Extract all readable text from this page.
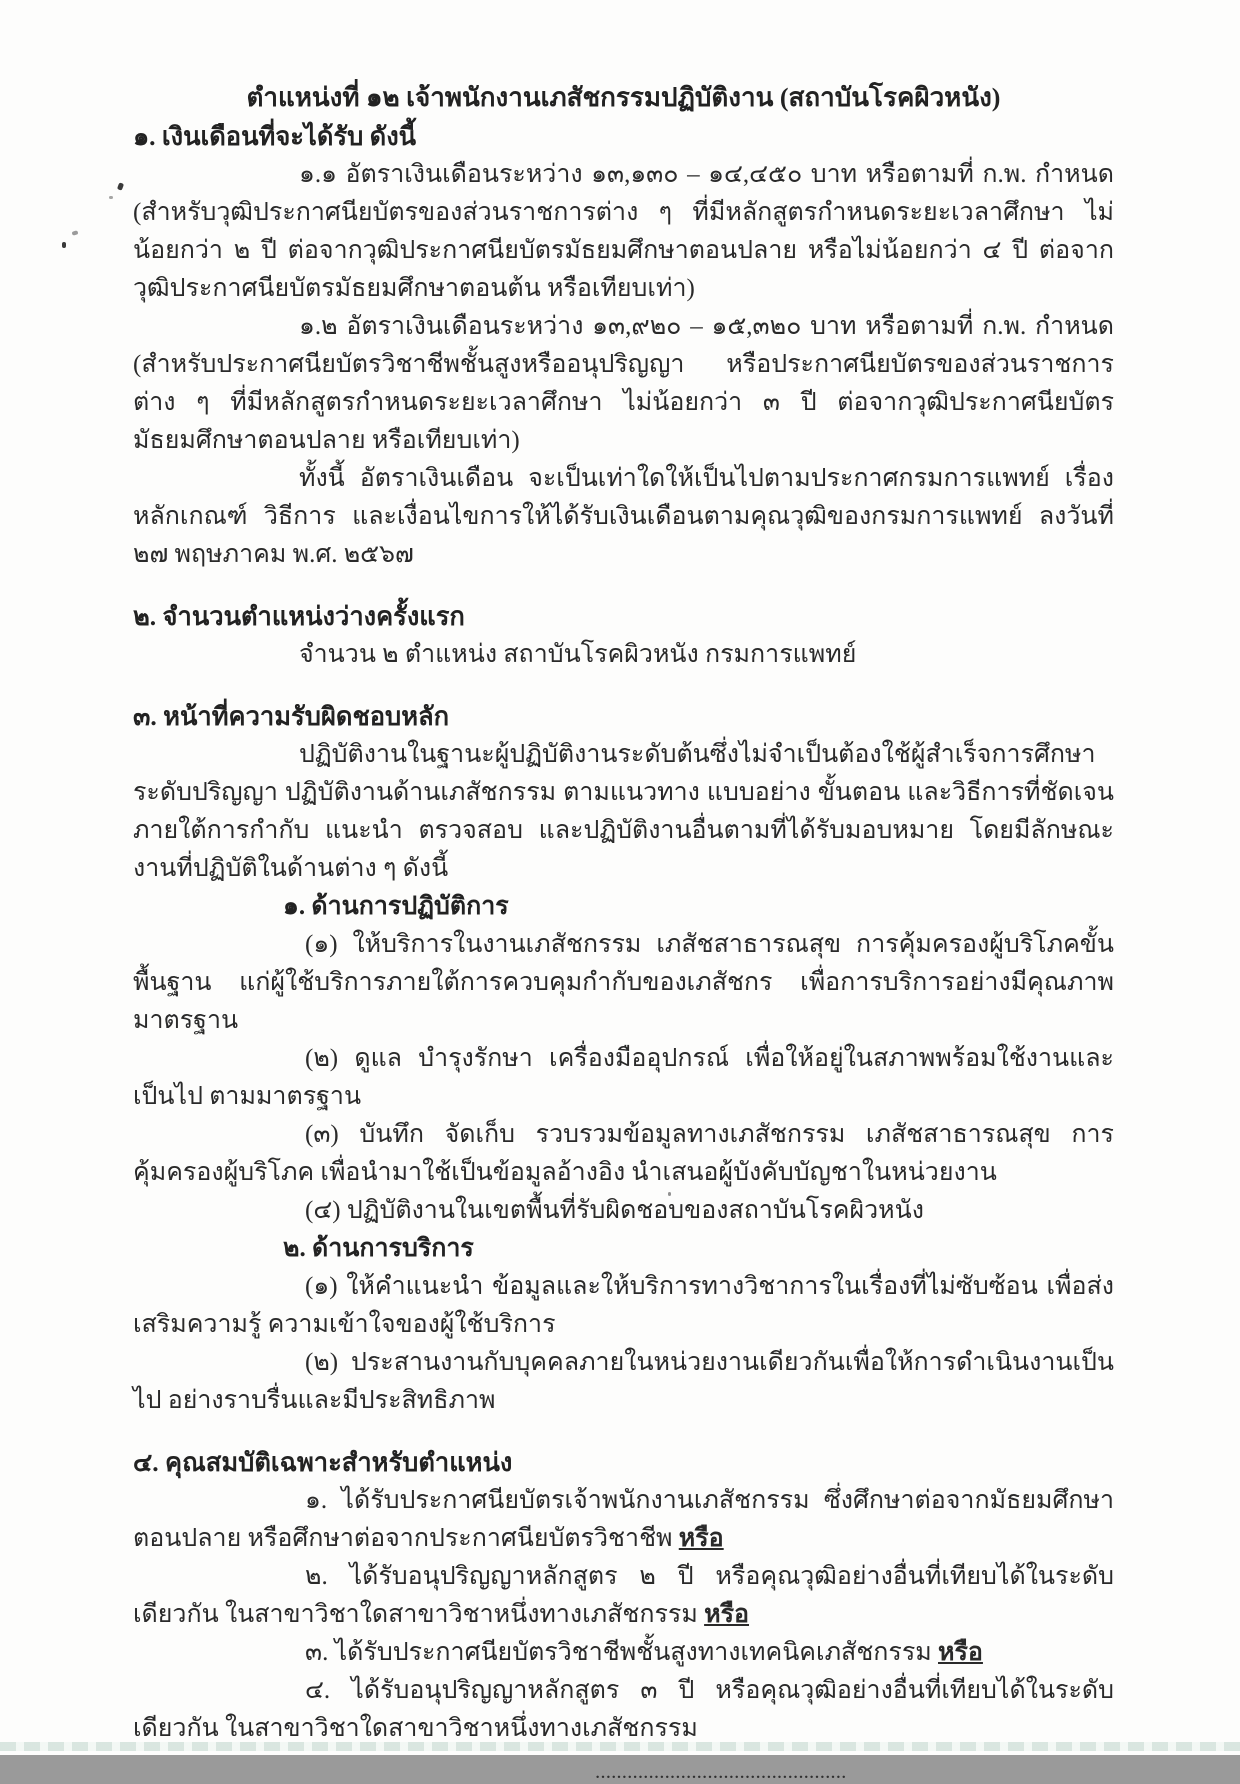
ตำแหน่งที่ ๑๒ เจ้าพนักงานเภสัชกรรมปฏิบัติงาน (สถาบันโรคผิวหนัง)

๑. เงินเดือนที่จะได้รับ ดังนี้

๑.๑ อัตราเงินเดือนระหว่าง ๑๓,๑๓๐ – ๑๔,๔๕๐ บาท หรือตามที่ ก.พ. กำหนด (สำหรับวุฒิประกาศนียบัตรของส่วนราชการต่าง ๆ ที่มีหลักสูตรกำหนดระยะเวลาศึกษา ไม่น้อยกว่า ๒ ปี ต่อจากวุฒิประกาศนียบัตรมัธยมศึกษาตอนปลาย หรือไม่น้อยกว่า ๔ ปี ต่อจากวุฒิประกาศนียบัตรมัธยมศึกษาตอนต้น หรือเทียบเท่า)

๑.๒ อัตราเงินเดือนระหว่าง ๑๓,๙๒๐ – ๑๕,๓๒๐ บาท หรือตามที่ ก.พ. กำหนด (สำหรับประกาศนียบัตรวิชาชีพชั้นสูงหรืออนุปริญญา หรือประกาศนียบัตรของส่วนราชการต่าง ๆ ที่มีหลักสูตรกำหนดระยะเวลาศึกษา ไม่น้อยกว่า ๓ ปี ต่อจากวุฒิประกาศนียบัตรมัธยมศึกษาตอนปลาย หรือเทียบเท่า)

ทั้งนี้ อัตราเงินเดือน จะเป็นเท่าใดให้เป็นไปตามประกาศกรมการแพทย์ เรื่อง หลักเกณฑ์ วิธีการ และเงื่อนไขการให้ได้รับเงินเดือนตามคุณวุฒิของกรมการแพทย์ ลงวันที่ ๒๗ พฤษภาคม พ.ศ. ๒๕๖๗

๒. จำนวนตำแหน่งว่างครั้งแรก

จำนวน ๒ ตำแหน่ง สถาบันโรคผิวหนัง กรมการแพทย์

๓. หน้าที่ความรับผิดชอบหลัก

ปฏิบัติงานในฐานะผู้ปฏิบัติงานระดับต้นซึ่งไม่จำเป็นต้องใช้ผู้สำเร็จการศึกษาระดับปริญญา ปฏิบัติงานด้านเภสัชกรรม ตามแนวทาง แบบอย่าง ขั้นตอน และวิธีการที่ชัดเจน ภายใต้การกำกับ แนะนำ ตรวจสอบ และปฏิบัติงานอื่นตามที่ได้รับมอบหมาย โดยมีลักษณะงานที่ปฏิบัติในด้านต่าง ๆ ดังนี้

๑. ด้านการปฏิบัติการ

(๑) ให้บริการในงานเภสัชกรรม เภสัชสาธารณสุข การคุ้มครองผู้บริโภคขั้นพื้นฐาน แก่ผู้ใช้บริการภายใต้การควบคุมกำกับของเภสัชกร เพื่อการบริการอย่างมีคุณภาพ มาตรฐาน

(๒) ดูแล บำรุงรักษา เครื่องมืออุปกรณ์ เพื่อให้อยู่ในสภาพพร้อมใช้งานและเป็นไป ตามมาตรฐาน

(๓) บันทึก จัดเก็บ รวบรวมข้อมูลทางเภสัชกรรม เภสัชสาธารณสุข การคุ้มครองผู้บริโภค เพื่อนำมาใช้เป็นข้อมูลอ้างอิง นำเสนอผู้บังคับบัญชาในหน่วยงาน

(๔) ปฏิบัติงานในเขตพื้นที่รับผิดชอบของสถาบันโรคผิวหนัง

๒. ด้านการบริการ

(๑) ให้คำแนะนำ ข้อมูลและให้บริการทางวิชาการในเรื่องที่ไม่ซับซ้อน เพื่อส่งเสริมความรู้ ความเข้าใจของผู้ใช้บริการ

(๒) ประสานงานกับบุคคลภายในหน่วยงานเดียวกันเพื่อให้การดำเนินงานเป็นไป อย่างราบรื่นและมีประสิทธิภาพ

๔. คุณสมบัติเฉพาะสำหรับตำแหน่ง

๑. ได้รับประกาศนียบัตรเจ้าพนักงานเภสัชกรรม ซึ่งศึกษาต่อจากมัธยมศึกษาตอนปลาย หรือศึกษาต่อจากประกาศนียบัตรวิชาชีพ หรือ

๒. ได้รับอนุปริญญาหลักสูตร ๒ ปี หรือคุณวุฒิอย่างอื่นที่เทียบได้ในระดับเดียวกัน ในสาขาวิชาใดสาขาวิชาหนึ่งทางเภสัชกรรม หรือ

๓. ได้รับประกาศนียบัตรวิชาชีพชั้นสูงทางเทคนิคเภสัชกรรม หรือ

๔. ได้รับอนุปริญญาหลักสูตร ๓ ปี หรือคุณวุฒิอย่างอื่นที่เทียบได้ในระดับเดียวกัน ในสาขาวิชาใดสาขาวิชาหนึ่งทางเภสัชกรรม

...............................................
